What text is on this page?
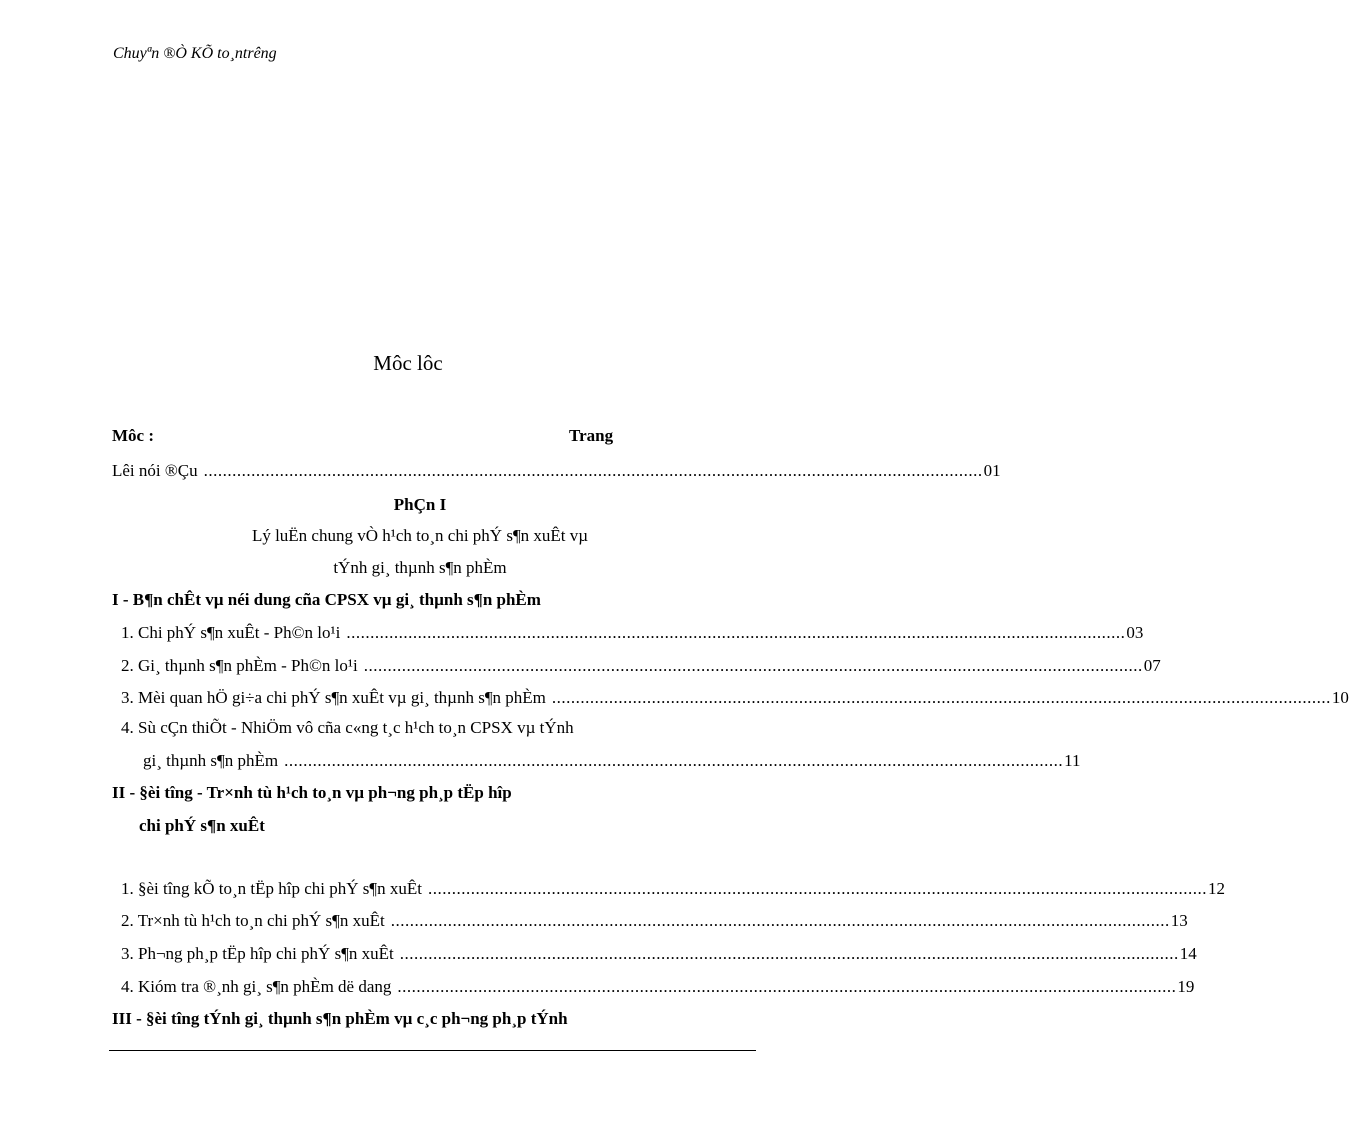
Chuyªn ®Ò KÕ to¸ntrêng
Môc lôc
Môc :	Trang
Lêi nói ®Çu .................................................................................................................................................................... 01
PhÇn I
Lý luËn chung vÒ h¹ch to¸n chi phÝ s¶n xuÊt vµ
tÝnh gi¸ thµnh s¶n phÈm
I - B¶n chÊt vµ néi dung cña CPSX vµ gi¸ thµnh s¶n phÈm
1. Chi phÝ s¶n xuÊt - Ph©n lo¹i .................................................................................................................................................................... 03
2. Gi¸ thµnh s¶n phÈm - Ph©n lo¹i .................................................................................................................................................................... 07
3. Mèi quan hÖ gi÷a chi phÝ s¶n xuÊt vµ gi¸ thµnh s¶n phÈm .................................................................................................................................................................... 10
4. Sù cÇn thiÕt - NhiÖm vô cña c«ng t¸c h¹ch to¸n CPSX vµ tÝnh
gi¸ thµnh s¶n phÈm .................................................................................................................................................................... 11
II - §èi tîng - Tr×nh tù h¹ch to¸n vµ ph¬ng ph¸p tËp hîp
chi phÝ s¶n xuÊt
1. §èi tîng kÕ to¸n tËp hîp chi phÝ s¶n xuÊt .................................................................................................................................................................... 12
2. Tr×nh tù h¹ch to¸n chi phÝ s¶n xuÊt .................................................................................................................................................................... 13
3. Ph¬ng ph¸p tËp hîp chi phÝ s¶n xuÊt .................................................................................................................................................................... 14
4. Kióm tra ®¸nh gi¸ s¶n phÈm dë dang .................................................................................................................................................................... 19
III - §èi tîng tÝnh gi¸ thµnh s¶n phÈm vµ c¸c ph¬ng ph¸p tÝnh
